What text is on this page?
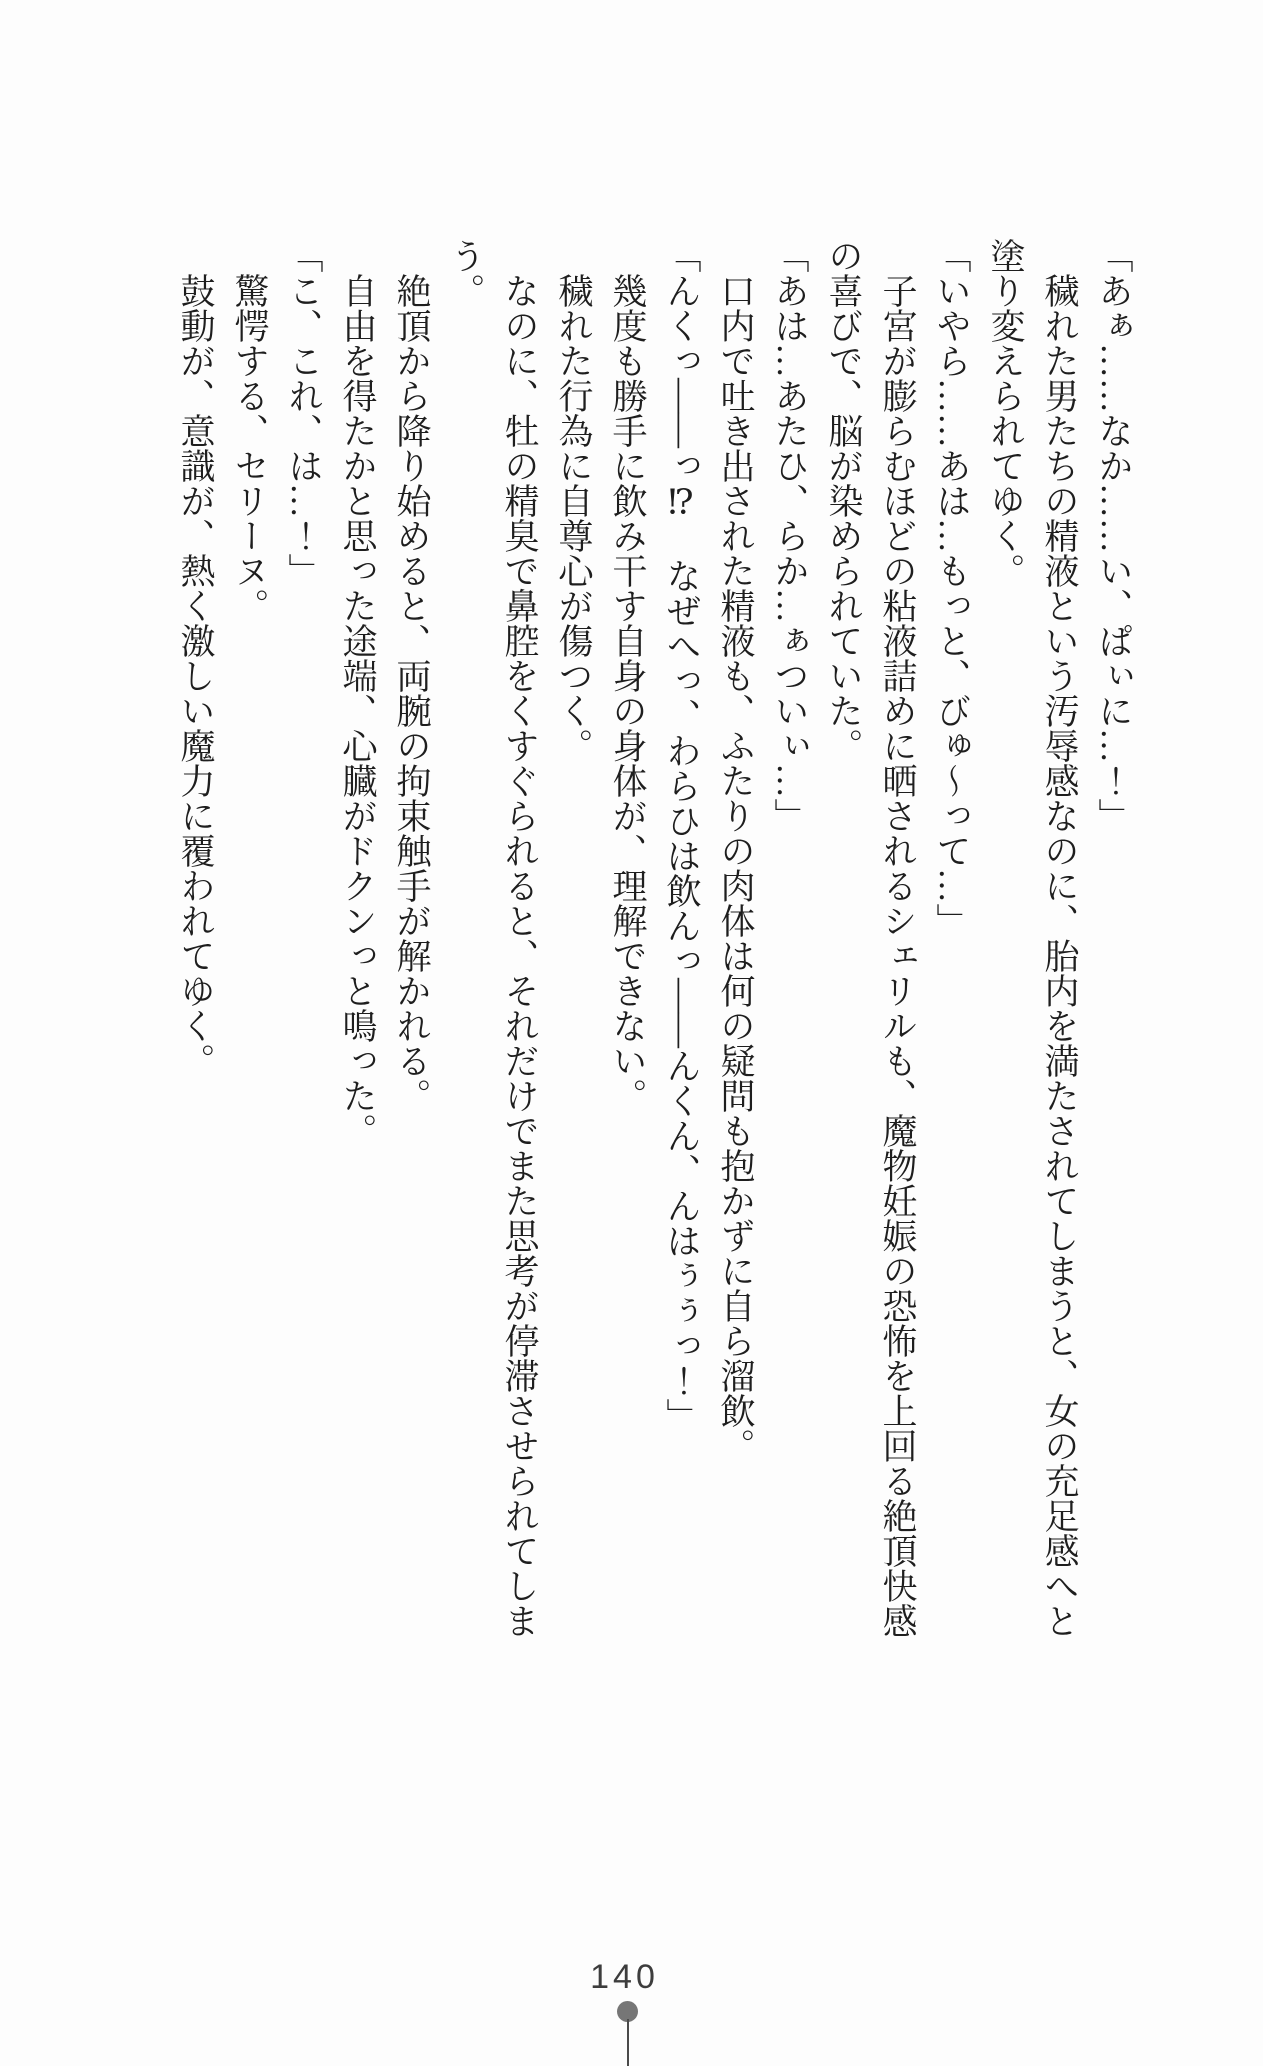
「あぁ……なか……い、ぱぃに…！」

穢れた男たちの精液という汚辱感なのに、胎内を満たされてしまうと、女の充足感へと塗り変えられてゆく。

「いやら……あは…もっと、びゅ〜って…」

子宮が膨らむほどの粘液詰めに晒されるシェリルも、魔物妊娠の恐怖を上回る絶頂快感の喜びで、脳が染められていた。

「あは…あたひ、らか…ぁついぃ…」

口内で吐き出された精液も、ふたりの肉体は何の疑問も抱かずに自ら溜飲。

「んくっ――っ⁉　なぜへっ、わらひは飲んっ――んくん、んはぅぅっ！」

幾度も勝手に飲み干す自身の身体が、理解できない。

穢れた行為に自尊心が傷つく。

なのに、牡の精臭で鼻腔をくすぐられると、それだけでまた思考が停滞させられてしまう。

絶頂から降り始めると、両腕の拘束触手が解かれる。

自由を得たかと思った途端、心臓がドクンっと鳴った。

「こ、これ、は…！」

驚愕する、セリーヌ。

鼓動が、意識が、熱く激しい魔力に覆われてゆく。

140
